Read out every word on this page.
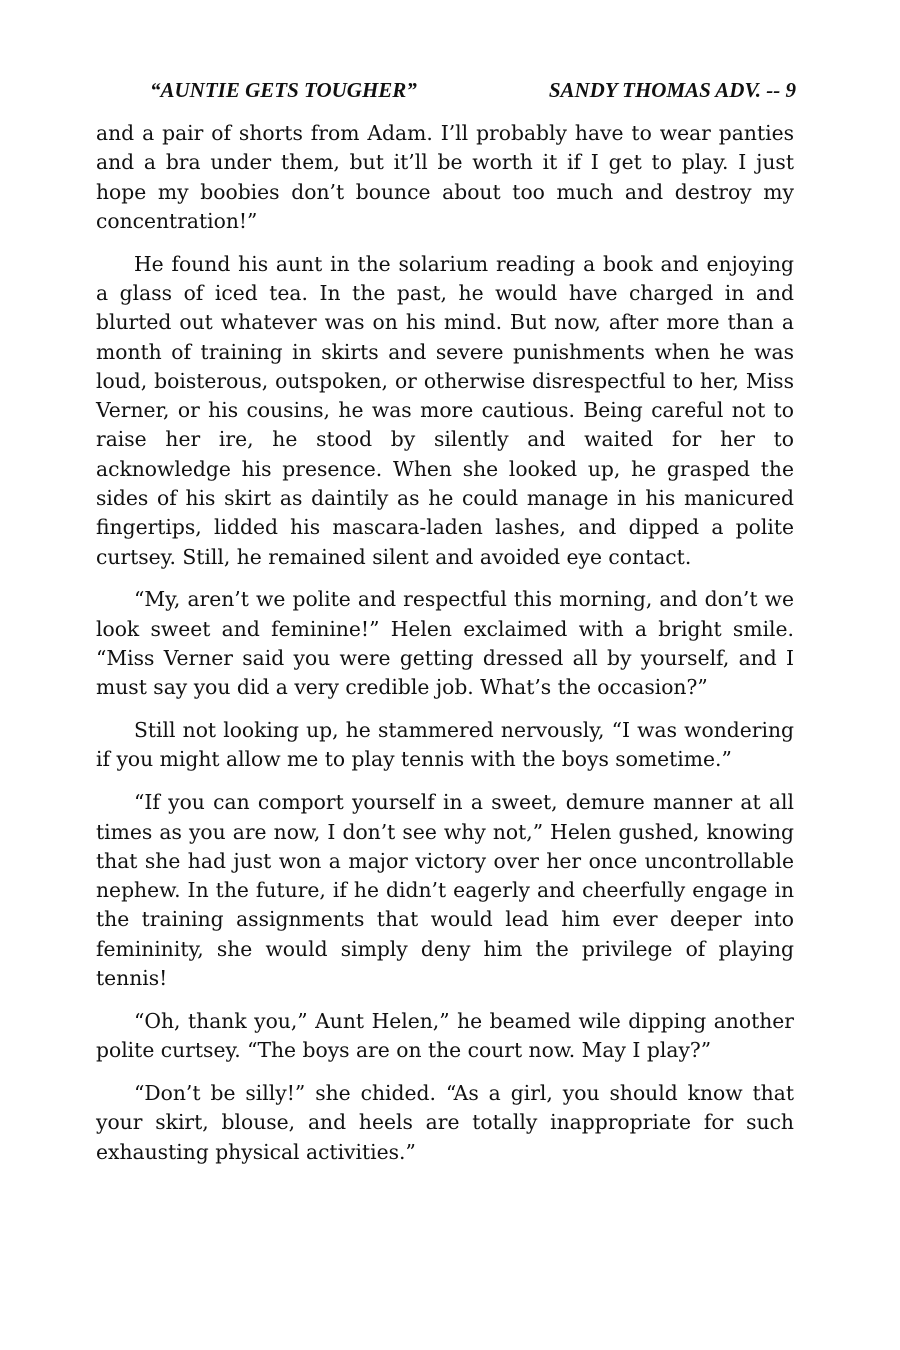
“AUNTIE GETS TOUGHER”	SANDY THOMAS ADV. -- 9

and a pair of shorts from Adam. I’ll probably have to wear panties and a bra under them, but it’ll be worth it if I get to play. I just hope my boobies don’t bounce about too much and destroy my concentration!”

He found his aunt in the solarium reading a book and enjoying a glass of iced tea. In the past, he would have charged in and blurted out whatever was on his mind. But now, after more than a month of training in skirts and severe punishments when he was loud, boisterous, outspoken, or otherwise disrespectful to her, Miss Verner, or his cousins, he was more cautious. Being careful not to raise her ire, he stood by silently and waited for her to acknowledge his presence. When she looked up, he grasped the sides of his skirt as daintily as he could manage in his manicured fingertips, lidded his mascara-laden lashes, and dipped a polite curtsey. Still, he remained silent and avoided eye contact.

“My, aren’t we polite and respectful this morning, and don’t we look sweet and feminine!” Helen exclaimed with a bright smile. “Miss Verner said you were getting dressed all by yourself, and I must say you did a very credible job. What’s the occasion?”

Still not looking up, he stammered nervously, “I was wondering if you might allow me to play tennis with the boys sometime.”

“If you can comport yourself in a sweet, demure manner at all times as you are now, I don’t see why not,” Helen gushed, knowing that she had just won a major victory over her once uncontrollable nephew. In the future, if he didn’t eagerly and cheerfully engage in the training assignments that would lead him ever deeper into femininity, she would simply deny him the privilege of playing tennis!

“Oh, thank you,” Aunt Helen,” he beamed wile dipping another polite curtsey. “The boys are on the court now. May I play?”

“Don’t be silly!” she chided. “As a girl, you should know that your skirt, blouse, and heels are totally inappropriate for such exhausting physical activities.”
